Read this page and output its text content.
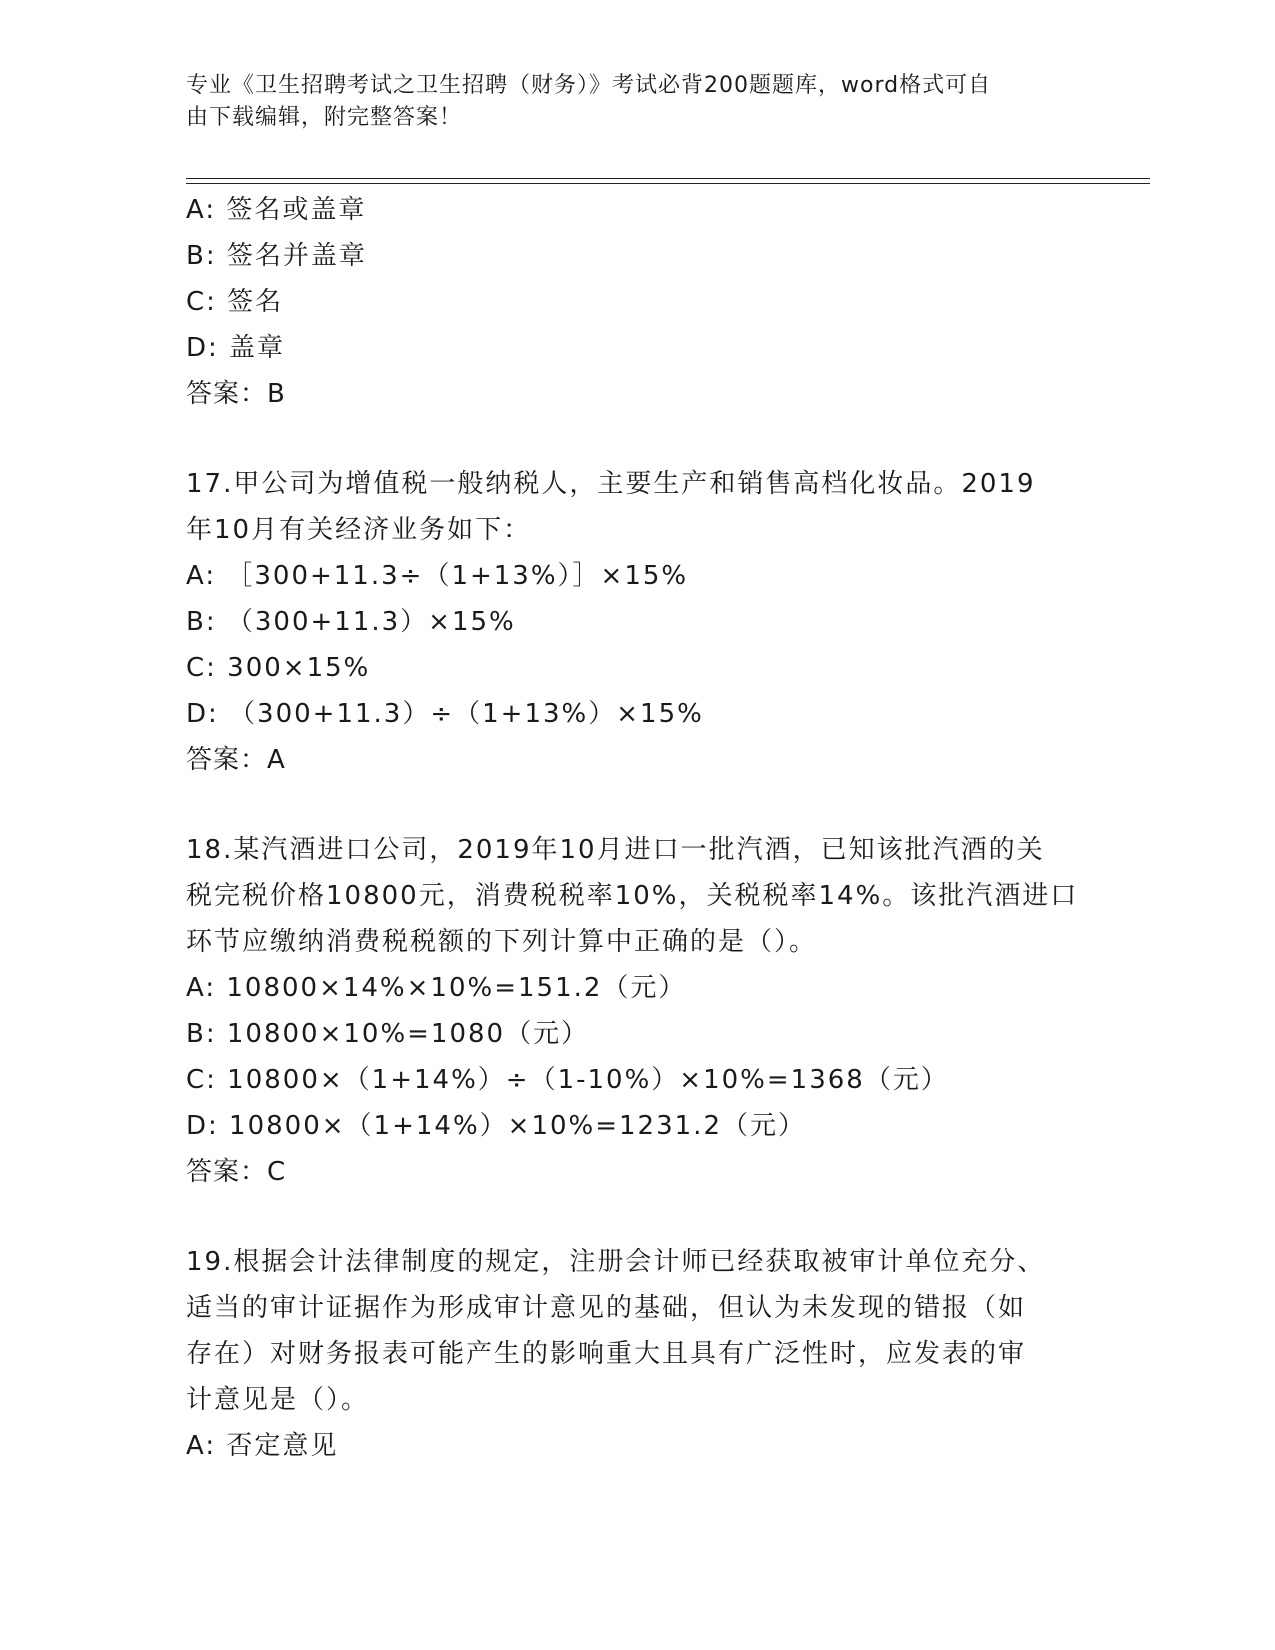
专业《卫生招聘考试之卫生招聘（财务）》考试必背200题题库，word格式可自
由下载编辑，附完整答案！
A: 签名或盖章
B: 签名并盖章
C: 签名
D: 盖章
答案：B
17.甲公司为增值税一般纳税人，主要生产和销售高档化妆品。2019
年10月有关经济业务如下：
A: ［300+11.3÷（1+13%）］×15%
B: （300+11.3）×15%
C: 300×15%
D: （300+11.3）÷（1+13%）×15%
答案：A
18.某汽酒进口公司，2019年10月进口一批汽酒，已知该批汽酒的关
税完税价格10800元，消费税税率10%，关税税率14%。该批汽酒进口
环节应缴纳消费税税额的下列计算中正确的是（）。
A: 10800×14%×10%=151.2（元）
B: 10800×10%=1080（元）
C: 10800×（1+14%）÷（1-10%）×10%=1368（元）
D: 10800×（1+14%）×10%=1231.2（元）
答案：C
19.根据会计法律制度的规定，注册会计师已经获取被审计单位充分、
适当的审计证据作为形成审计意见的基础，但认为未发现的错报（如
存在）对财务报表可能产生的影响重大且具有广泛性时，应发表的审
计意见是（）。
A: 否定意见
